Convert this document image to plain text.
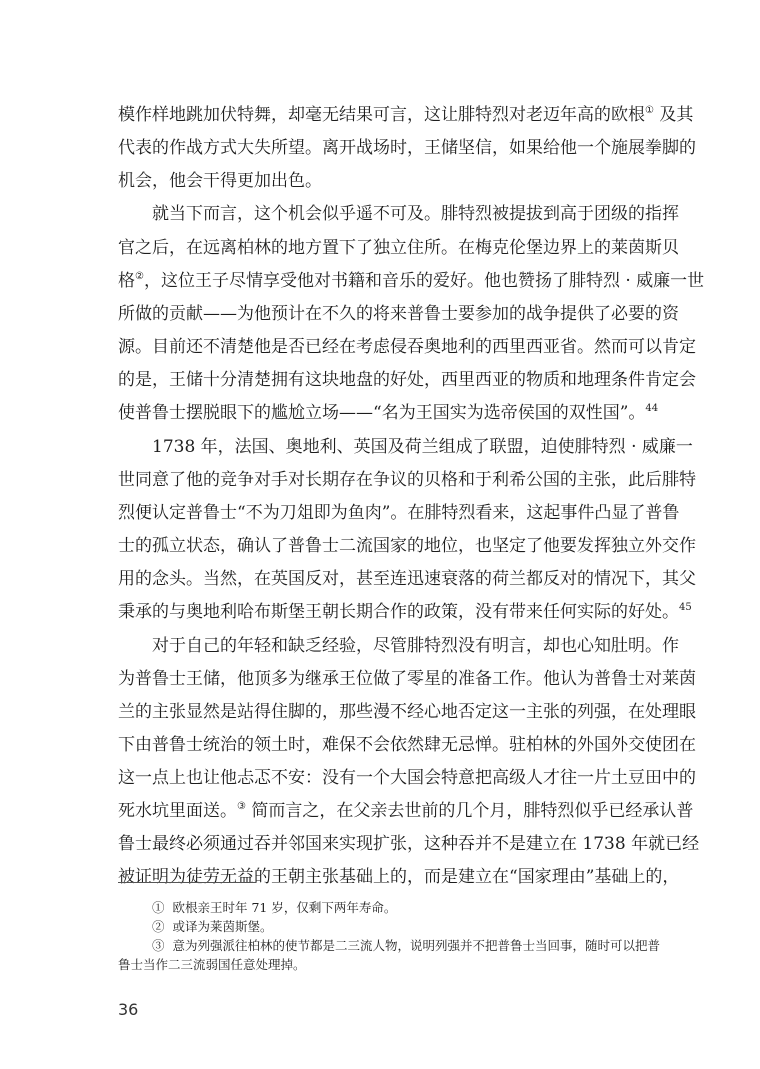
模作样地跳加伏特舞，却毫无结果可言，这让腓特烈对老迈年高的欧根① 及其
代表的作战方式大失所望。离开战场时，王储坚信，如果给他一个施展拳脚的
机会，他会干得更加出色。
就当下而言，这个机会似乎遥不可及。腓特烈被提拔到高于团级的指挥
官之后，在远离柏林的地方置下了独立住所。在梅克伦堡边界上的莱茵斯贝
格②，这位王子尽情享受他对书籍和音乐的爱好。他也赞扬了腓特烈 · 威廉一世
所做的贡献——为他预计在不久的将来普鲁士要参加的战争提供了必要的资
源。目前还不清楚他是否已经在考虑侵吞奥地利的西里西亚省。然而可以肯定
的是，王储十分清楚拥有这块地盘的好处，西里西亚的物质和地理条件肯定会
使普鲁士摆脱眼下的尴尬立场——“名为王国实为选帝侯国的双性国”。$^{44}$
1738 年，法国、奥地利、英国及荷兰组成了联盟，迫使腓特烈 · 威廉一
世同意了他的竞争对手对长期存在争议的贝格和于利希公国的主张，此后腓特
烈便认定普鲁士“不为刀俎即为鱼肉”。在腓特烈看来，这起事件凸显了普鲁
士的孤立状态，确认了普鲁士二流国家的地位，也坚定了他要发挥独立外交作
用的念头。当然，在英国反对，甚至连迅速衰落的荷兰都反对的情况下，其父
秉承的与奥地利哈布斯堡王朝长期合作的政策，没有带来任何实际的好处。$^{45}$
对于自己的年轻和缺乏经验，尽管腓特烈没有明言，却也心知肚明。作
为普鲁士王储，他顶多为继承王位做了零星的准备工作。他认为普鲁士对莱茵
兰的主张显然是站得住脚的，那些漫不经心地否定这一主张的列强，在处理眼
下由普鲁士统治的领土时，难保不会依然肆无忌惮。驻柏林的外国外交使团在
这一点上也让他忐忑不安：没有一个大国会特意把高级人才往一片土豆田中的
死水坑里面送。③ 简而言之，在父亲去世前的几个月，腓特烈似乎已经承认普
鲁士最终必须通过吞并邻国来实现扩张，这种吞并不是建立在 1738 年就已经
被证明为徒劳无益的王朝主张基础上的，而是建立在“国家理由”基础上的，
① 欧根亲王时年 71 岁，仅剩下两年寿命。
② 或译为莱茵斯堡。
③ 意为列强派往柏林的使节都是二三流人物，说明列强并不把普鲁士当回事，随时可以把普
鲁士当作二三流弱国任意处理掉。
36
